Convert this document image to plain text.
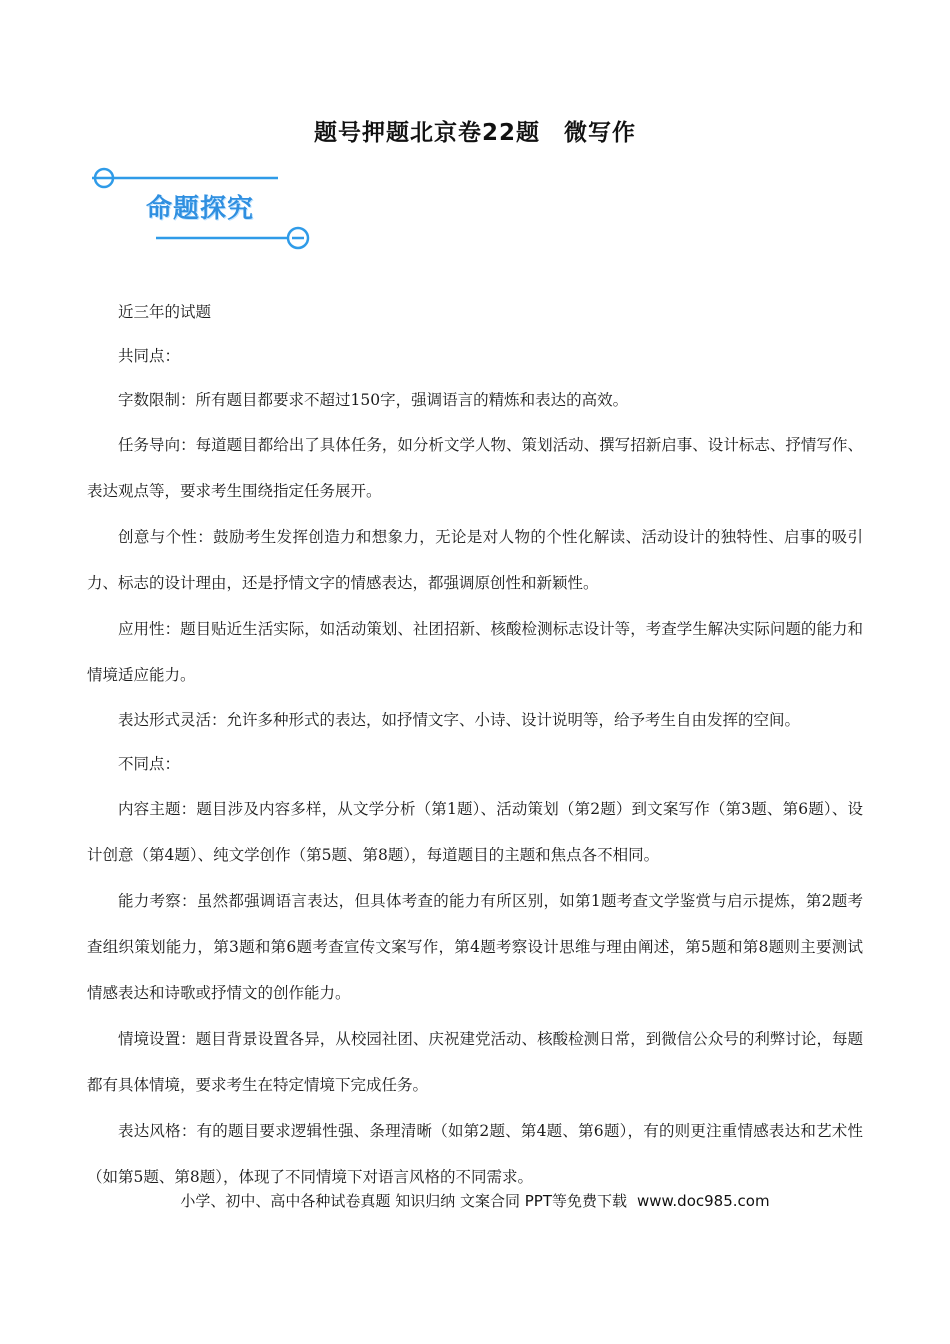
题号押题北京卷22题　微写作
命题探究

近三年的试题

共同点：

字数限制：所有题目都要求不超过150字，强调语言的精炼和表达的高效。

任务导向：每道题目都给出了具体任务，如分析文学人物、策划活动、撰写招新启事、设计标志、抒情写作、表达观点等，要求考生围绕指定任务展开。

创意与个性：鼓励考生发挥创造力和想象力，无论是对人物的个性化解读、活动设计的独特性、启事的吸引力、标志的设计理由，还是抒情文字的情感表达，都强调原创性和新颖性。

应用性：题目贴近生活实际，如活动策划、社团招新、核酸检测标志设计等，考查学生解决实际问题的能力和情境适应能力。

表达形式灵活：允许多种形式的表达，如抒情文字、小诗、设计说明等，给予考生自由发挥的空间。

不同点：

内容主题：题目涉及内容多样，从文学分析（第1题）、活动策划（第2题）到文案写作（第3题、第6题）、设计创意（第4题）、纯文学创作（第5题、第8题），每道题目的主题和焦点各不相同。

能力考察：虽然都强调语言表达，但具体考查的能力有所区别，如第1题考查文学鉴赏与启示提炼，第2题考查组织策划能力，第3题和第6题考查宣传文案写作，第4题考察设计思维与理由阐述，第5题和第8题则主要测试情感表达和诗歌或抒情文的创作能力。

情境设置：题目背景设置各异，从校园社团、庆祝建党活动、核酸检测日常，到微信公众号的利弊讨论，每题都有具体情境，要求考生在特定情境下完成任务。

表达风格：有的题目要求逻辑性强、条理清晰（如第2题、第4题、第6题），有的则更注重情感表达和艺术性（如第5题、第8题），体现了不同情境下对语言风格的不同需求。

小学、初中、高中各种试卷真题 知识归纳 文案合同 PPT等免费下载 www.doc985.com
